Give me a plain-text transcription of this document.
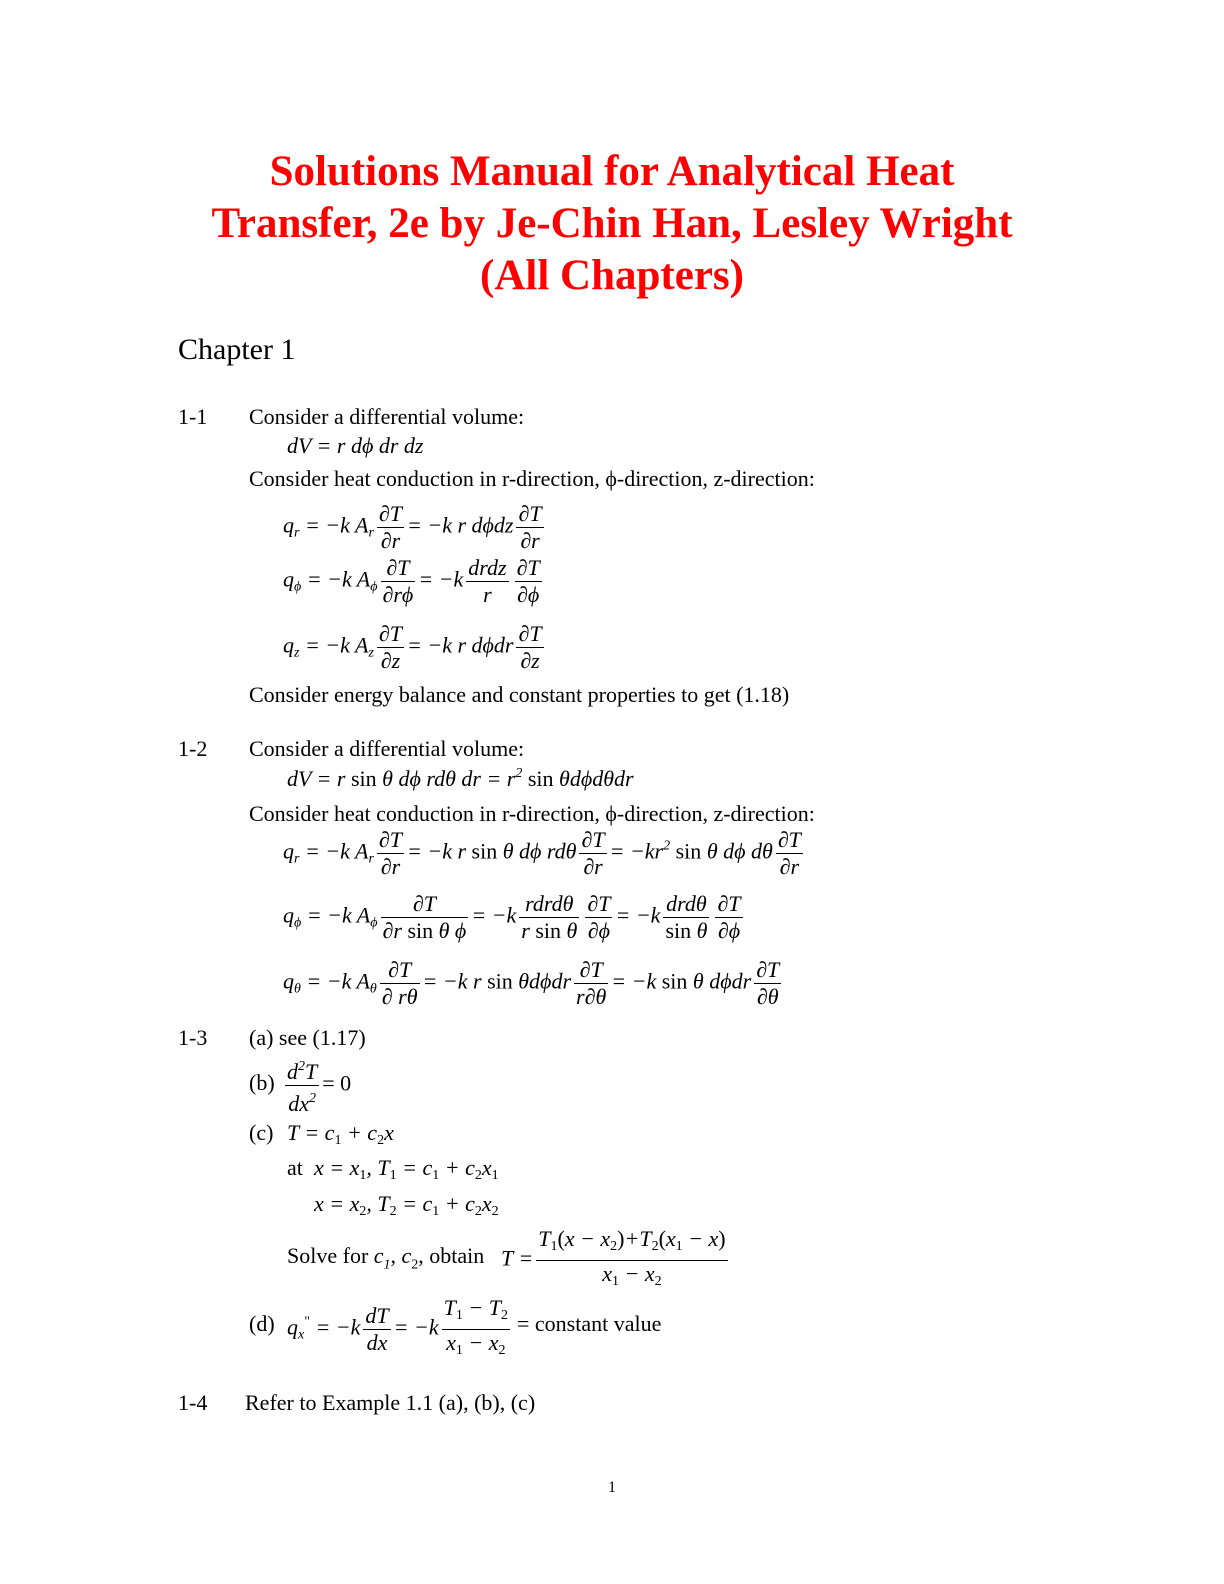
Solutions Manual for Analytical Heat
Transfer, 2e by Je-Chin Han, Lesley Wright
(All Chapters)
Chapter 1
1-1 Consider a differential volume:
dV = r dϕ dr dz
Consider heat conduction in r-direction, ϕ-direction, z-direction:
$q_r = -k$ $A_r \frac{\partial T}{\partial r} = -k$ r dϕdz $\frac{\partial T}{\partial r}$
$q_\phi = -k$ $A_\phi \frac{\partial T}{\partial r\phi} = -k \frac{\text{drdz}}{r} \frac{\partial T}{\partial\phi}$
$q_z = -k$ $A_z \frac{\partial T}{\partial z} = -k$ r dϕdr $\frac{\partial T}{\partial z}$
Consider energy balance and constant properties to get (1.18)
1-2 Consider a differential volume:
dV = r sin θ dϕ rdθ dr = $r^2$ sin θdϕdθdr
Consider heat conduction in r-direction, ϕ-direction, z-direction:
$q_r = -k$ $A_r \frac{\partial T}{\partial r} = -k$ r sin θ dϕ rdθ $\frac{\partial T}{\partial r} = -kr^2$ sin θ dϕ dθ $\frac{\partial T}{\partial r}$
$q_\phi = -k$ $A_\phi \frac{\partial T}{\text{∂r sin θ ϕ}} = -k \frac{\text{rdrdθ}}{\text{r sin θ}} \frac{\partial T}{\partial\phi} = -k \frac{\text{drdθ}}{\text{sin θ}} \frac{\partial T}{\partial\phi}$
$q_\theta = -k$ $A_\theta \frac{\partial T}{\partial r\theta} = -k$ r sin θdϕdr $\frac{\partial T}{r\partial\theta} = -k$ sin θ dϕdr $\frac{\partial T}{\partial\theta}$
1-3 (a) see (1.17)
$(b) \frac{d^2T}{dx^2} = 0$
(c) $T = c_1 + c_2x$
at $x = x_1$, $T_1 = c_1 + c_2x_1$
$x = x_2$, $T_2 = c_1 + c_2x_2$
Solve for $c_1$, $c_2$, obtain $T = \frac{T_1(x - x_2)+T_2(x_1 - x)}{x_1 - x_2}$
(d) $q_x^" = -k \frac{dT}{dx} = -k \frac{T_1 - T_2}{x_1 - x_2}$ = constant value
1-4 Refer to Example 1.1 (a), (b), (c)
1
